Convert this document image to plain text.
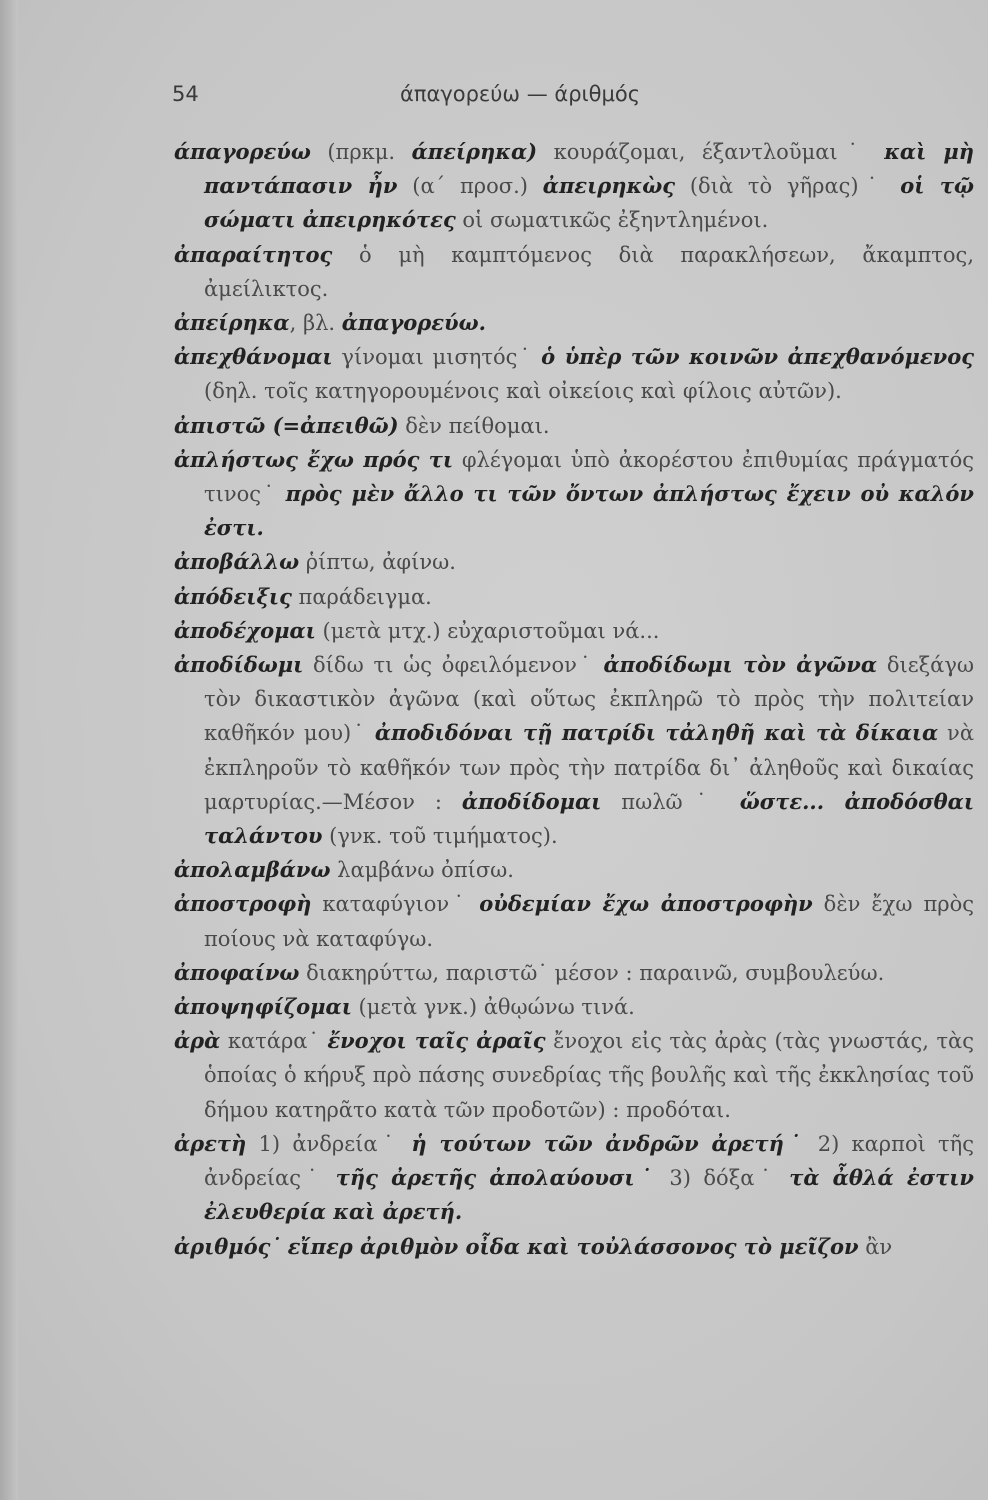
54	άπαγορεύω — άριθμός

άπαγορεύω (πρκμ. άπείρηκα) κουράζομαι, έξαντλοῦμαι˙ καὶ μὴ παντάπασιν ἦν (α΄ προσ.) ἀπειρηκὼς (διὰ τὸ γῆρας)˙ οἱ τῷ σώματι ἀπειρηκότες οἱ σωματικῶς ἐξηντλημένοι.

ἀπαραίτητος ὁ μὴ καμπτόμενος διὰ παρακλήσεων, ἄκαμπτος, ἀμείλικτος.

ἀπείρηκα, βλ. ἀπαγορεύω.

ἀπεχθάνομαι γίνομαι μισητός˙ ὁ ὑπὲρ τῶν κοινῶν ἀπεχθανόμενος (δηλ. τοῖς κατηγορουμένοις καὶ οἰκείοις καὶ φίλοις αὐτῶν).

ἀπιστῶ (=ἀπειθῶ) δὲν πείθομαι.

ἀπλήστως ἔχω πρός τι φλέγομαι ὑπὸ ἀκορέστου ἐπιθυμίας πράγματός τινος˙ πρὸς μὲν ἄλλο τι τῶν ὄντων ἀπλήστως ἔχειν οὐ καλόν ἐστι.

ἀποβάλλω ῥίπτω, ἀφίνω.

ἀπόδειξις παράδειγμα.

ἀποδέχομαι (μετὰ μτχ.) εὐχαριστοῦμαι νά...

ἀποδίδωμι δίδω τι ὡς ὀφειλόμενον˙ ἀποδίδωμι τὸν ἀγῶνα διεξάγω τὸν δικαστικὸν ἀγῶνα (καὶ οὕτως ἐκπληρῶ τὸ πρὸς τὴν πολιτείαν καθῆκόν μου)˙ ἀποδιδόναι τῇ πατρίδι τἀληθῆ καὶ τὰ δίκαια νὰ ἐκπληροῦν τὸ καθῆκόν των πρὸς τὴν πατρίδα δι᾽ ἀληθοῦς καὶ δικαίας μαρτυρίας.—Μέσον : ἀποδίδομαι πωλῶ˙ ὥστε... ἀποδόσθαι ταλάντου (γνκ. τοῦ τιμήματος).

ἀπολαμβάνω λαμβάνω ὀπίσω.

ἀποστροφὴ καταφύγιον˙ οὐδεμίαν ἔχω ἀποστροφὴν δὲν ἔχω πρὸς ποίους νὰ καταφύγω.

ἀποφαίνω διακηρύττω, παριστῶ˙ μέσον : παραινῶ, συμβουλεύω.

ἀποψηφίζομαι (μετὰ γνκ.) ἀθῳώνω τινά.

ἀρὰ κατάρα˙ ἔνοχοι ταῖς ἀραῖς ἔνοχοι εἰς τὰς ἀρὰς (τὰς γνωστάς, τὰς ὁποίας ὁ κήρυξ πρὸ πάσης συνεδρίας τῆς βουλῆς καὶ τῆς ἐκκλησίας τοῦ δήμου κατηρᾶτο κατὰ τῶν προδοτῶν) : προδόται.

ἀρετὴ 1) ἀνδρεία˙ ἡ τούτων τῶν ἀνδρῶν ἀρετή˙ 2) καρποὶ τῆς ἀνδρείας˙ τῆς ἀρετῆς ἀπολαύουσι˙ 3) δόξα˙ τὰ ἆθλά ἐστιν ἐλευθερία καὶ ἀρετή.

ἀριθμός˙ εἴπερ ἀριθμὸν οἶδα καὶ τοὐλάσσονος τὸ μεῖζον ἂν
